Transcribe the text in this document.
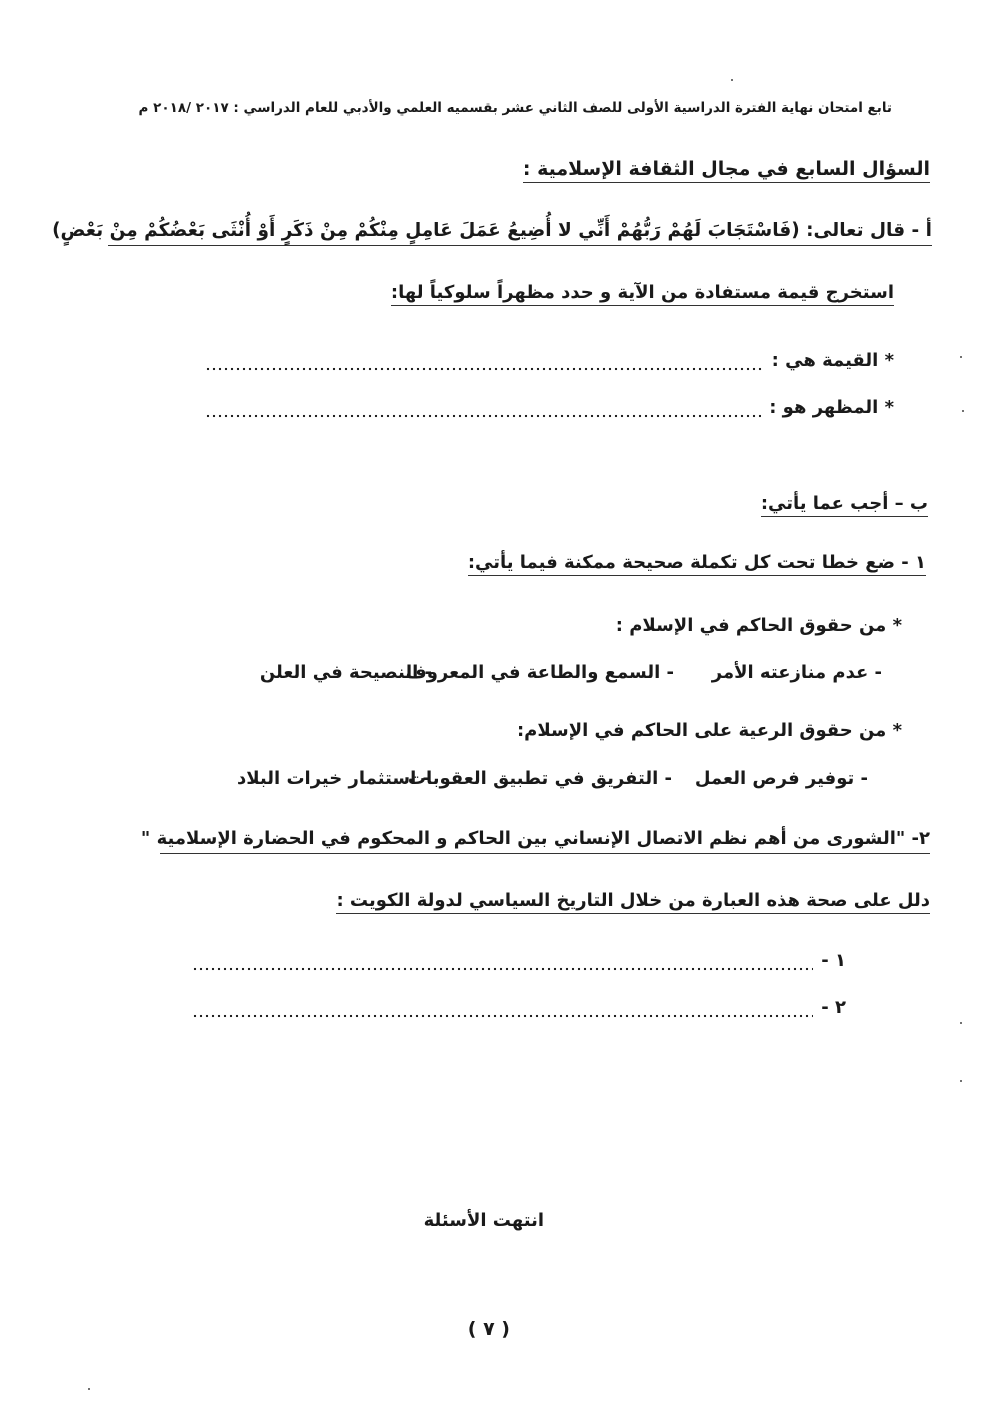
تابع امتحان نهاية الفترة الدراسية الأولى للصف الثاني عشر بقسميه العلمي والأدبي للعام الدراسي : ٢٠١٧ /٢٠١٨ م
السؤال السابع في مجال الثقافة الإسلامية :
أ - قال تعالى: (فَاسْتَجَابَ لَهُمْ رَبُّهُمْ أَنِّي لا أُضِيعُ عَمَلَ عَامِلٍ مِنْكُمْ مِنْ ذَكَرٍ أَوْ أُنْثَى بَعْضُكُمْ مِنْ بَعْضٍ)
استخرج قيمة مستفادة من الآية و حدد مظهراً سلوكياً لها:
* القيمة هي :
* المظهر هو :
ب – أجب عما يأتي:
١ - ضع خطا تحت كل تكملة صحيحة ممكنة فيما يأتي:
* من حقوق الحاكم في الإسلام :
- عدم منازعته الأمر
- السمع والطاعة في المعروف
- النصيحة في العلن
* من حقوق الرعية على الحاكم في الإسلام:
- توفير فرص العمل
- التفريق في تطبيق العقوبات
- استثمار خيرات البلاد
٢- "الشورى من أهم نظم الاتصال الإنساني بين الحاكم و المحكوم في الحضارة الإسلامية "
دلل على صحة هذه العبارة من خلال التاريخ السياسي لدولة الكويت :
١ -
٢ -
انتهت الأسئلة
( ٧ )
